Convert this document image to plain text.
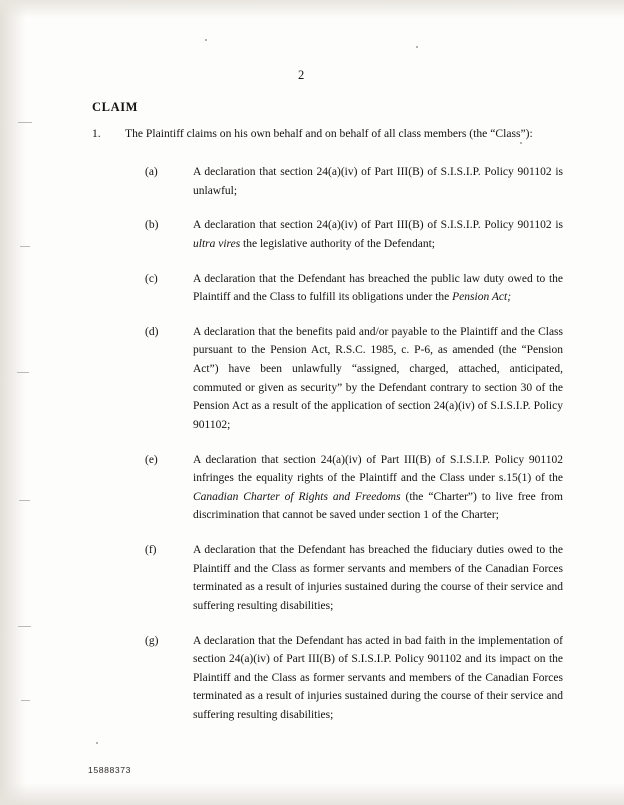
2
CLAIM
1. The Plaintiff claims on his own behalf and on behalf of all class members (the “Class”):
(a)	A declaration that section 24(a)(iv) of Part III(B) of S.I.S.I.P. Policy 901102 is unlawful;
(b)	A declaration that section 24(a)(iv) of Part III(B) of S.I.S.I.P. Policy 901102 is ultra vires the legislative authority of the Defendant;
(c)	A declaration that the Defendant has breached the public law duty owed to the Plaintiff and the Class to fulfill its obligations under the Pension Act;
(d)	A declaration that the benefits paid and/or payable to the Plaintiff and the Class pursuant to the Pension Act, R.S.C. 1985, c. P-6, as amended (the “Pension Act”) have been unlawfully “assigned, charged, attached, anticipated, commuted or given as security” by the Defendant contrary to section 30 of the Pension Act as a result of the application of section 24(a)(iv) of S.I.S.I.P. Policy 901102;
(e)	A declaration that section 24(a)(iv) of Part III(B) of S.I.S.I.P. Policy 901102 infringes the equality rights of the Plaintiff and the Class under s.15(1) of the Canadian Charter of Rights and Freedoms (the “Charter”) to live free from discrimination that cannot be saved under section 1 of the Charter;
(f)	A declaration that the Defendant has breached the fiduciary duties owed to the Plaintiff and the Class as former servants and members of the Canadian Forces terminated as a result of injuries sustained during the course of their service and suffering resulting disabilities;
(g)	A declaration that the Defendant has acted in bad faith in the implementation of section 24(a)(iv) of Part III(B) of S.I.S.I.P. Policy 901102 and its impact on the Plaintiff and the Class as former servants and members of the Canadian Forces terminated as a result of injuries sustained during the course of their service and suffering resulting disabilities;
15888373
